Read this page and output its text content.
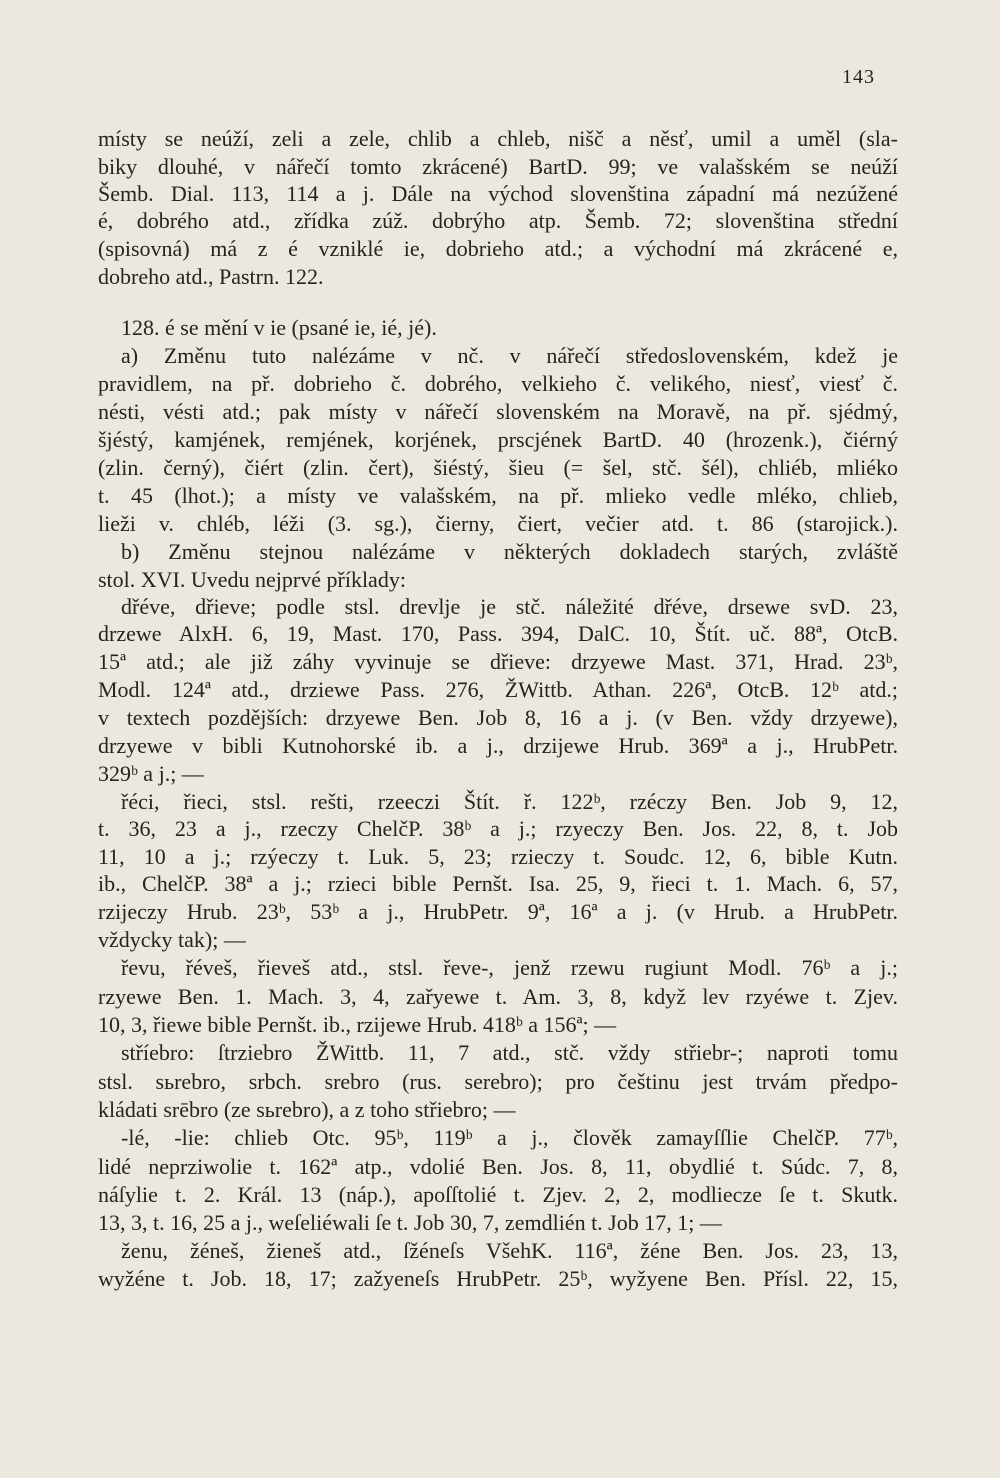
143
místy se neúží, zeli a zele, chlib a chleb, nišč a něsť, umil a uměl (sla-
biky dlouhé, v nářečí tomto zkrácené) BartD. 99; ve valašském se neúží
Šemb. Dial. 113, 114 a j. Dále na východ slovenština západní má nezúžené
é, dobrého atd., zřídka zúž. dobrýho atp. Šemb. 72; slovenština střední
(spisovná) má z é vzniklé ie, dobrieho atd.; a východní má zkrácené e,
dobreho atd., Pastrn. 122.
128. é se mění v ie (psané ie, ié, jé).
a) Změnu tuto nalézáme v nč. v nářečí středoslovenském, kdež je
pravidlem, na př. dobrieho č. dobrého, velkieho č. velikého, niesť, viesť č.
nésti, vésti atd.; pak místy v nářečí slovenském na Moravě, na př. sjédmý,
šjéstý, kamjének, remjének, korjének, prscjének BartD. 40 (hrozenk.), čiérný
(zlin. černý), čiért (zlin. čert), šiéstý, šieu (= šel, stč. šél), chliéb, mliéko
t. 45 (lhot.); a místy ve valašském, na př. mlieko vedle mléko, chlieb,
lieži v. chléb, léži (3. sg.), čierny, čiert, večier atd. t. 86 (starojick.).
b) Změnu stejnou nalézáme v některých dokladech starých, zvláště
stol. XVI. Uvedu nejprvé příklady:
dřéve, dřieve; podle stsl. drevlje je stč. náležité dřéve, drsewe svD. 23,
drzewe AlxH. 6, 19, Mast. 170, Pass. 394, DalC. 10, Štít. uč. 88ª, OtcB.
15ª atd.; ale již záhy vyvinuje se dřieve: drzyewe Mast. 371, Hrad. 23ᵇ,
Modl. 124ª atd., drziewe Pass. 276, ŽWittb. Athan. 226ª, OtcB. 12ᵇ atd.;
v textech pozdějších: drzyewe Ben. Job 8, 16 a j. (v Ben. vždy drzyewe),
drzyewe v bibli Kutnohorské ib. a j., drzijewe Hrub. 369ª a j., HrubPetr.
329ᵇ a j.; —
řéci, řieci, stsl. rešti, rzeeczi Štít. ř. 122ᵇ, rzéczy Ben. Job 9, 12,
t. 36, 23 a j., rzeczy ChelčP. 38ᵇ a j.; rzyeczy Ben. Jos. 22, 8, t. Job
11, 10 a j.; rzýeczy t. Luk. 5, 23; rzieczy t. Soudc. 12, 6, bible Kutn.
ib., ChelčP. 38ª a j.; rzieci bible Pernšt. Isa. 25, 9, řieci t. 1. Mach. 6, 57,
rzijeczy Hrub. 23ᵇ, 53ᵇ a j., HrubPetr. 9ª, 16ª a j. (v Hrub. a HrubPetr.
vždycky tak); —
řevu, řéveš, řieveš atd., stsl. řeve-, jenž rzewu rugiunt Modl. 76ᵇ a j.;
rzyewe Ben. 1. Mach. 3, 4, zařyewe t. Am. 3, 8, když lev rzyéwe t. Zjev.
10, 3, řiewe bible Pernšt. ib., rzijewe Hrub. 418ᵇ a 156ª; —
stříebro: ſtrziebro ŽWittb. 11, 7 atd., stč. vždy střiebr-; naproti tomu
stsl. sьrebro, srbch. srebro (rus. serebro); pro češtinu jest trvám předpo-
kládati srēbro (ze sьrebro), a z toho střiebro; —
-lé, -lie: chlieb Otc. 95ᵇ, 119ᵇ a j., člověk zamayſſlie ChelčP. 77ᵇ,
lidé neprziwolie t. 162ª atp., vdolié Ben. Jos. 8, 11, obydlié t. Súdc. 7, 8,
náſylie t. 2. Král. 13 (náp.), apoſſtolié t. Zjev. 2, 2, modlieсze ſe t. Skutk.
13, 3, t. 16, 25 a j., weſeliéwali ſe t. Job 30, 7, zemdlién t. Job 17, 1; —
ženu, žéneš, žieneš atd., ſžénеſs VšehK. 116ª, žéne Ben. Jos. 23, 13,
wyžéne t. Job. 18, 17; zažyeneſs HrubPetr. 25ᵇ, wyžyene Ben. Přísl. 22, 15,
